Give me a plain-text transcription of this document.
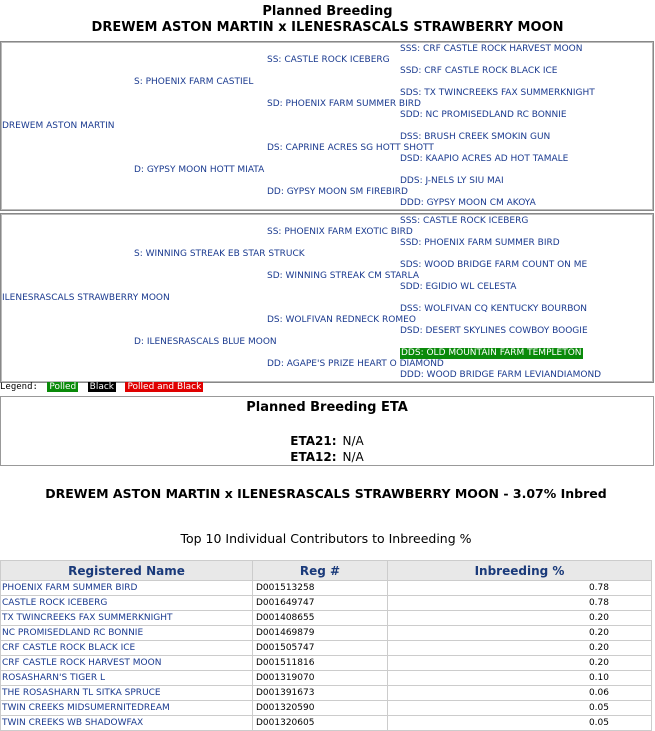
Planned Breeding
DREWEM ASTON MARTIN x ILENESRASCALS STRAWBERRY MOON
DREWEM ASTON MARTIN
S: PHOENIX FARM CASTIEL
D: GYPSY MOON HOTT MIATA
SS: CASTLE ROCK ICEBERG
SD: PHOENIX FARM SUMMER BIRD
DS: CAPRINE ACRES SG HOTT SHOTT
DD: GYPSY MOON SM FIREBIRD
SSS: CRF CASTLE ROCK HARVEST MOON
SSD: CRF CASTLE ROCK BLACK ICE
SDS: TX TWINCREEKS FAX SUMMERKNIGHT
SDD: NC PROMISEDLAND RC BONNIE
DSS: BRUSH CREEK SMOKIN GUN
DSD: KAAPIO ACRES AD HOT TAMALE
DDS: J-NELS LY SIU MAI
DDD: GYPSY MOON CM AKOYA
ILENESRASCALS STRAWBERRY MOON
S: WINNING STREAK EB STAR STRUCK
D: ILENESRASCALS BLUE MOON
SS: PHOENIX FARM EXOTIC BIRD
SD: WINNING STREAK CM STARLA
DS: WOLFIVAN REDNECK ROMEO
DD: AGAPE'S PRIZE HEART O DIAMOND
SSS: CASTLE ROCK ICEBERG
SSD: PHOENIX FARM SUMMER BIRD
SDS: WOOD BRIDGE FARM COUNT ON ME
SDD: EGIDIO WL CELESTA
DSS: WOLFIVAN CQ KENTUCKY BOURBON
DSD: DESERT SKYLINES COWBOY BOOGIE
DDS: OLD MOUNTAIN FARM TEMPLETON
DDD: WOOD BRIDGE FARM LEVIANDIAMOND
Legend: Polled Black Polled and Black
Planned Breeding ETA
ETA21:	N/A
ETA12:	N/A
DREWEM ASTON MARTIN x ILENESRASCALS STRAWBERRY MOON - 3.07% Inbred
Top 10 Individual Contributors to Inbreeding %
Registered Name	Reg #	Inbreeding %
PHOENIX FARM SUMMER BIRD	D001513258	0.78
CASTLE ROCK ICEBERG	D001649747	0.78
TX TWINCREEKS FAX SUMMERKNIGHT	D001408655	0.20
NC PROMISEDLAND RC BONNIE	D001469879	0.20
CRF CASTLE ROCK BLACK ICE	D001505747	0.20
CRF CASTLE ROCK HARVEST MOON	D001511816	0.20
ROSASHARN'S TIGER L	D001319070	0.10
THE ROSASHARN TL SITKA SPRUCE	D001391673	0.06
TWIN CREEKS MIDSUMERNITEDREAM	D001320590	0.05
TWIN CREEKS WB SHADOWFAX	D001320605	0.05
